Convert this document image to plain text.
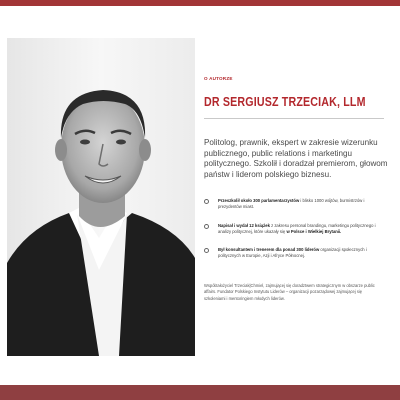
O AUTORZE
DR SERGIUSZ TRZECIAK, LLM

Politolog, prawnik, ekspert w zakresie wizerunku publicznego, public relations i marketingu politycznego. Szkolił i doradzał premierom, głowom państw i liderom polskiego biznesu.

Przeszkolił około 300 parlamentarzystów i blisko 1000 wójtów, burmistrzów i prezydentów miast.
Napisał i wydał 12 książek z zakresu personal brandingu, marketingu politycznego i analizy politycznej, które ukazały się w Polsce i Wielkiej Brytanii.
Był konsultantem i trenerem dla ponad 300 liderów organizacji społecznych i politycznych w Europie, Azji i Afryce Północnej.

Współzałożyciel Trzeciak|Chmiel, zajmującej się doradztwem strategicznym w obszarze public affairs. Fundator Polskiego Instytutu Liderów – organizacji pozarządowej zajmującej się szkoleniami i mentoringiem młodych liderów.
